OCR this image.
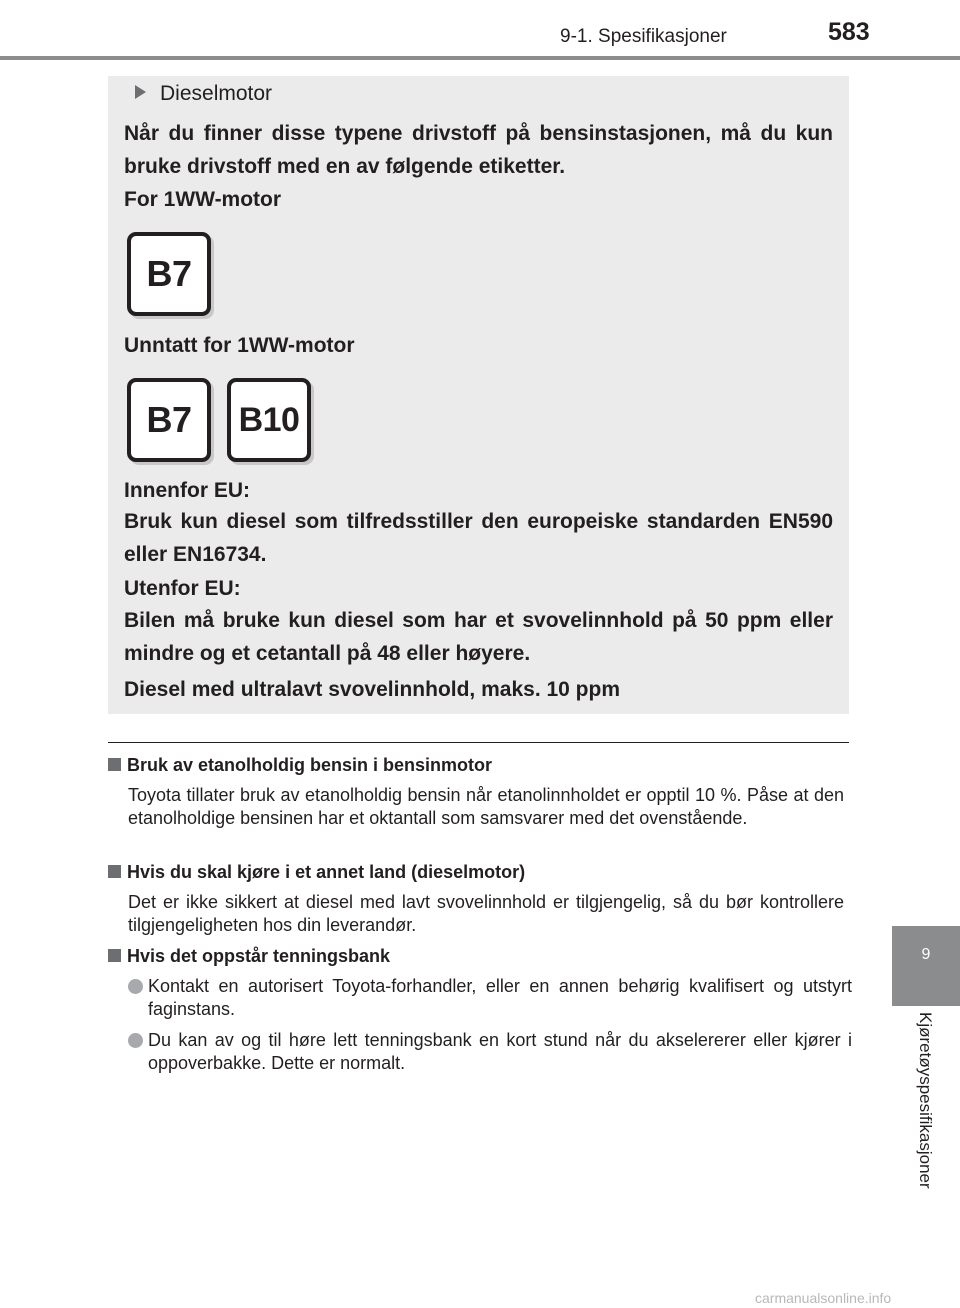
9-1. Spesifikasjoner	583
9
Kjøretøyspesifikasjoner
Dieselmotor
Når du finner disse typene drivstoff på bensinstasjonen, må du kun bruke drivstoff med en av følgende etiketter.
For 1WW-motor
B7
Unntatt for 1WW-motor
B7 B10
Innenfor EU:
Bruk kun diesel som tilfredsstiller den europeiske standarden EN590 eller EN16734.
Utenfor EU:
Bilen må bruke kun diesel som har et svovelinnhold på 50 ppm eller mindre og et cetantall på 48 eller høyere.
Diesel med ultralavt svovelinnhold, maks. 10 ppm
Bruk av etanolholdig bensin i bensinmotor
Toyota tillater bruk av etanolholdig bensin når etanolinnholdet er opptil 10 %. Påse at den etanolholdige bensinen har et oktantall som samsvarer med det ovenstående.
Hvis du skal kjøre i et annet land (dieselmotor)
Det er ikke sikkert at diesel med lavt svovelinnhold er tilgjengelig, så du bør kontrollere tilgjengeligheten hos din leverandør.
Hvis det oppstår tenningsbank
Kontakt en autorisert Toyota-forhandler, eller en annen behørig kvalifisert og utstyrt faginstans.
Du kan av og til høre lett tenningsbank en kort stund når du akselererer eller kjører i oppoverbakke. Dette er normalt.
carmanualsonline.info
